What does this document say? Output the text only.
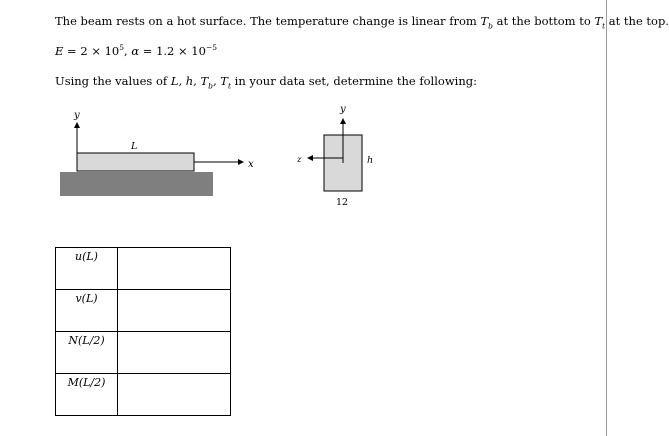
The beam rests on a hot surface. The temperature change is linear from $T_b$ at the bottom to $T_t$ at the top.
$E = 2 \times 10^5$, $\alpha = 1.2 \times 10^{-5}$
Using the values of L, h, $T_b$, $T_t$ in your data set, determine the following:
y
x
L
y
z	h
12
u(L)	

v(L)	

N(L/2)	

M(L/2)	
